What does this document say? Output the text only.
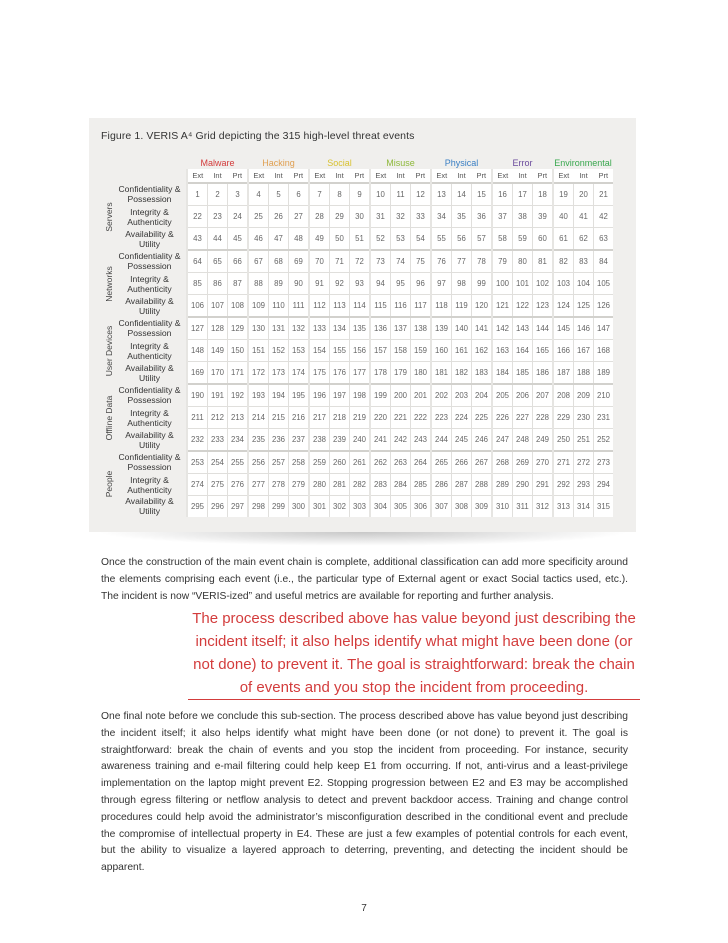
Figure 1. VERIS A⁴ Grid depicting the 315 high-level threat events
			Malware			Hacking			Social			Misuse			Physical			Error			Environmental		
			Ext	Int	Prt	Ext	Int	Prt	Ext	Int	Prt	Ext	Int	Prt	Ext	Int	Prt	Ext	Int	Prt	Ext	Int	Prt

Servers	Confidentiality & Possession		1	2	3	4	5	6	7	8	9	10	11	12	13	14	15	16	17	18	19	20	21
	Integrity & Authenticity		22	23	24	25	26	27	28	29	30	31	32	33	34	35	36	37	38	39	40	41	42
	Availability & Utility		43	44	45	46	47	48	49	50	51	52	53	54	55	56	57	58	59	60	61	62	63

Networks	Confidentiality & Possession		64	65	66	67	68	69	70	71	72	73	74	75	76	77	78	79	80	81	82	83	84
	Integrity & Authenticity		85	86	87	88	89	90	91	92	93	94	95	96	97	98	99	100	101	102	103	104	105
	Availability & Utility		106	107	108	109	110	111	112	113	114	115	116	117	118	119	120	121	122	123	124	125	126

User Devices	Confidentiality & Possession		127	128	129	130	131	132	133	134	135	136	137	138	139	140	141	142	143	144	145	146	147
	Integrity & Authenticity		148	149	150	151	152	153	154	155	156	157	158	159	160	161	162	163	164	165	166	167	168
	Availability & Utility		169	170	171	172	173	174	175	176	177	178	179	180	181	182	183	184	185	186	187	188	189

Offline Data	Confidentiality & Possession		190	191	192	193	194	195	196	197	198	199	200	201	202	203	204	205	206	207	208	209	210
	Integrity & Authenticity		211	212	213	214	215	216	217	218	219	220	221	222	223	224	225	226	227	228	229	230	231
	Availability & Utility		232	233	234	235	236	237	238	239	240	241	242	243	244	245	246	247	248	249	250	251	252

People	Confidentiality & Possession		253	254	255	256	257	258	259	260	261	262	263	264	265	266	267	268	269	270	271	272	273
	Integrity & Authenticity		274	275	276	277	278	279	280	281	282	283	284	285	286	287	288	289	290	291	292	293	294
	Availability & Utility		295	296	297	298	299	300	301	302	303	304	305	306	307	308	309	310	311	312	313	314	315

Once the construction of the main event chain is complete, additional classification can add more specificity around the elements comprising each event (i.e., the particular type of External agent or exact Social tactics used, etc.). The incident is now “VERIS-ized” and useful metrics are available for reporting and further analysis.

The process described above has value beyond just describing the incident itself; it also helps identify what might have been done (or not done) to prevent it. The goal is straightforward: break the chain of events and you stop the incident from proceeding.

One final note before we conclude this sub-section. The process described above has value beyond just describing the incident itself; it also helps identify what might have been done (or not done) to prevent it. The goal is straightforward: break the chain of events and you stop the incident from proceeding. For instance, security awareness training and e-mail filtering could help keep E1 from occurring. If not, anti-virus and a least-privilege implementation on the laptop might prevent E2. Stopping progression between E2 and E3 may be accomplished through egress filtering or netflow analysis to detect and prevent backdoor access. Training and change control procedures could help avoid the administrator’s misconfiguration described in the conditional event and preclude the compromise of intellectual property in E4. These are just a few examples of potential controls for each event, but the ability to visualize a layered approach to deterring, preventing, and detecting the incident should be apparent.

7
